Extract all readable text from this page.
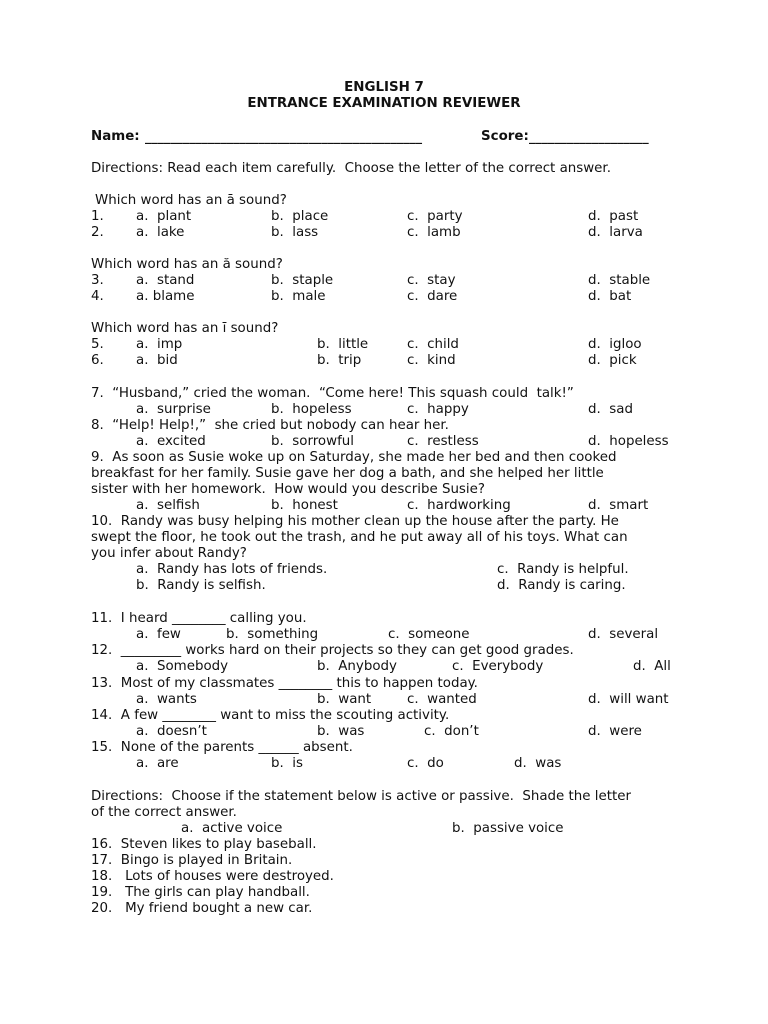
ENGLISH 7
ENTRANCE EXAMINATION REVIEWER
Name: ____________________________________________	Score: ___________________
Directions: Read each item carefully.  Choose the letter of the correct answer.
Which word has an ā sound?
1. a.  plant	b.  place	c.  party	d.  past
2. a.  lake	b.  lass	c.  lamb	d.  larva
Which word has an ă sound?
3. a.  stand	b.  staple	c.  stay	d.  stable
4. a. blame	b.  male	c.  dare	d.  bat
Which word has an ī sound?
5. a.  imp	b.  little	c.  child	d.  igloo
6. a.  bid	b.  trip	c.  kind	d.  pick
7.  “Husband,” cried the woman.  “Come here! This squash could  talk!”
a.  surprise	b.  hopeless	c.  happy	d.  sad
8.  “Help! Help!,”  she cried but nobody can hear her.
a.  excited	b.  sorrowful	c.  restless	d.  hopeless
9.  As soon as Susie woke up on Saturday, she made her bed and then cooked
breakfast for her family. Susie gave her dog a bath, and she helped her little
sister with her homework.  How would you describe Susie?
a.  selfish	b.  honest	c.  hardworking	d.  smart
10.  Randy was busy helping his mother clean up the house after the party. He
swept the floor, he took out the trash, and he put away all of his toys. What can
you infer about Randy?
a.  Randy has lots of friends.	c.  Randy is helpful.
b.  Randy is selfish.	d.  Randy is caring.
11.  I heard ________ calling you.
a.  few	b.  something	c.  someone	d.  several
12.  _________ works hard on their projects so they can get good grades.
a.  Somebody	b.  Anybody	c.  Everybody	d.  All
13.  Most of my classmates ________ this to happen today.
a.  wants	b.  want	c.  wanted	d.  will want
14.  A few ________ want to miss the scouting activity.
a.  doesn’t	b.  was	c.  don’t	d.  were
15.  None of the parents ______ absent.
a.  are	b.  is	c.  do	d.  was
Directions:  Choose if the statement below is active or passive.  Shade the letter
of the correct answer.
a.  active voice	b.  passive voice
16.  Steven likes to play baseball.
17.  Bingo is played in Britain.
18.   Lots of houses were destroyed.
19.   The girls can play handball.
20.   My friend bought a new car.
